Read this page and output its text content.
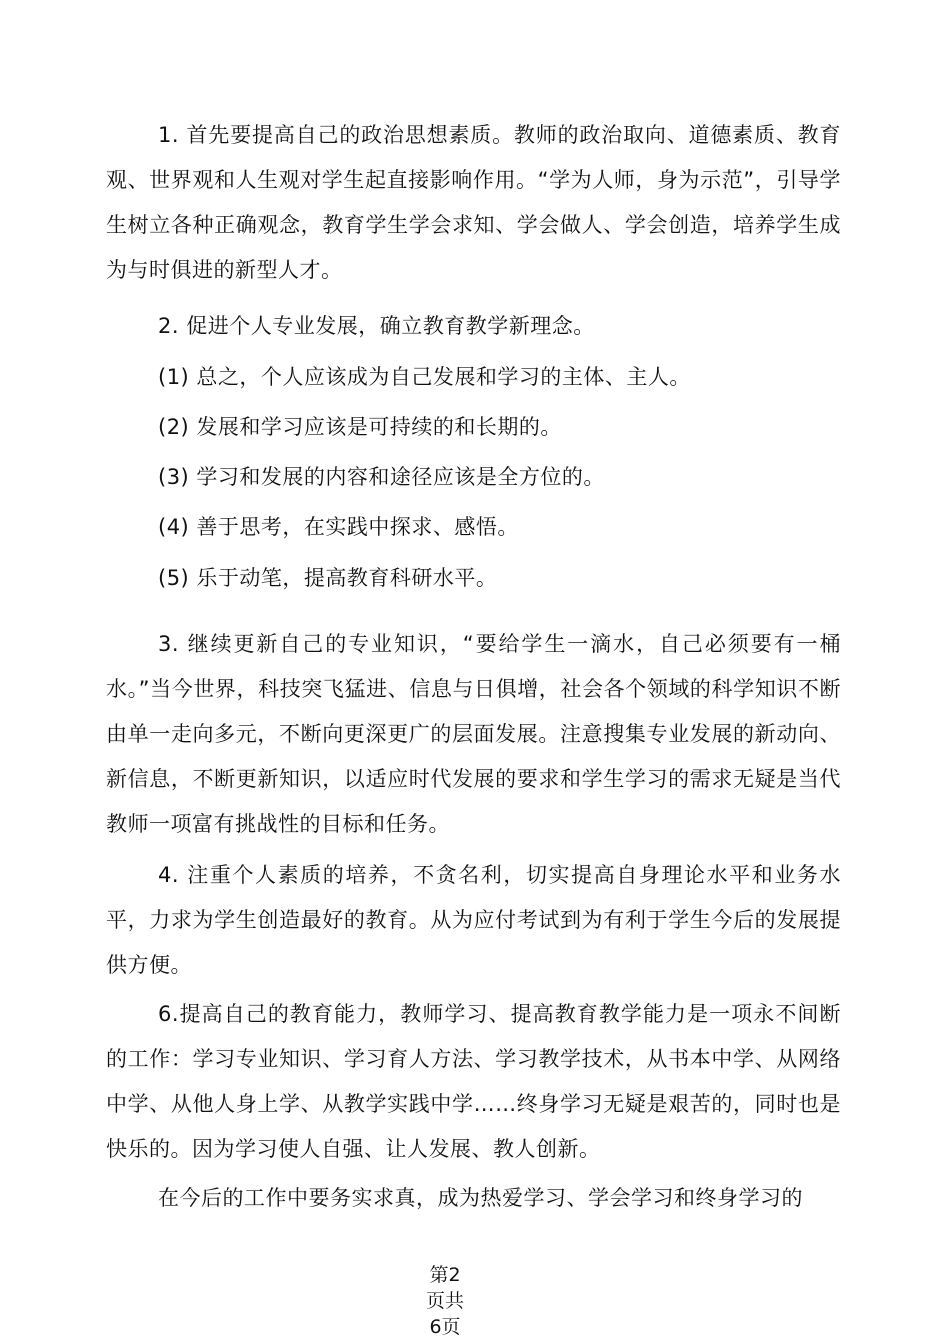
1. 首先要提高自己的政治思想素质。教师的政治取向、道德素质、教育观、世界观和人生观对学生起直接影响作用。“学为人师，身为示范”，引导学生树立各种正确观念，教育学生学会求知、学会做人、学会创造，培养学生成为与时俱进的新型人才。

2. 促进个人专业发展，确立教育教学新理念。

(1) 总之，个人应该成为自己发展和学习的主体、主人。

(2) 发展和学习应该是可持续的和长期的。

(3) 学习和发展的内容和途径应该是全方位的。

(4) 善于思考，在实践中探求、感悟。

(5) 乐于动笔，提高教育科研水平。

3. 继续更新自己的专业知识，“要给学生一滴水，自己必须要有一桶水。”当今世界，科技突飞猛进、信息与日俱增，社会各个领域的科学知识不断由单一走向多元，不断向更深更广的层面发展。注意搜集专业发展的新动向、新信息，不断更新知识，以适应时代发展的要求和学生学习的需求无疑是当代教师一项富有挑战性的目标和任务。

4. 注重个人素质的培养，不贪名利，切实提高自身理论水平和业务水平，力求为学生创造最好的教育。从为应付考试到为有利于学生今后的发展提供方便。

6.提高自己的教育能力，教师学习、提高教育教学能力是一项永不间断的工作：学习专业知识、学习育人方法、学习教学技术，从书本中学、从网络中学、从他人身上学、从教学实践中学……终身学习无疑是艰苦的，同时也是快乐的。因为学习使人自强、让人发展、教人创新。

在今后的工作中要务实求真，成为热爱学习、学会学习和终身学习的

第2
页共
6页
